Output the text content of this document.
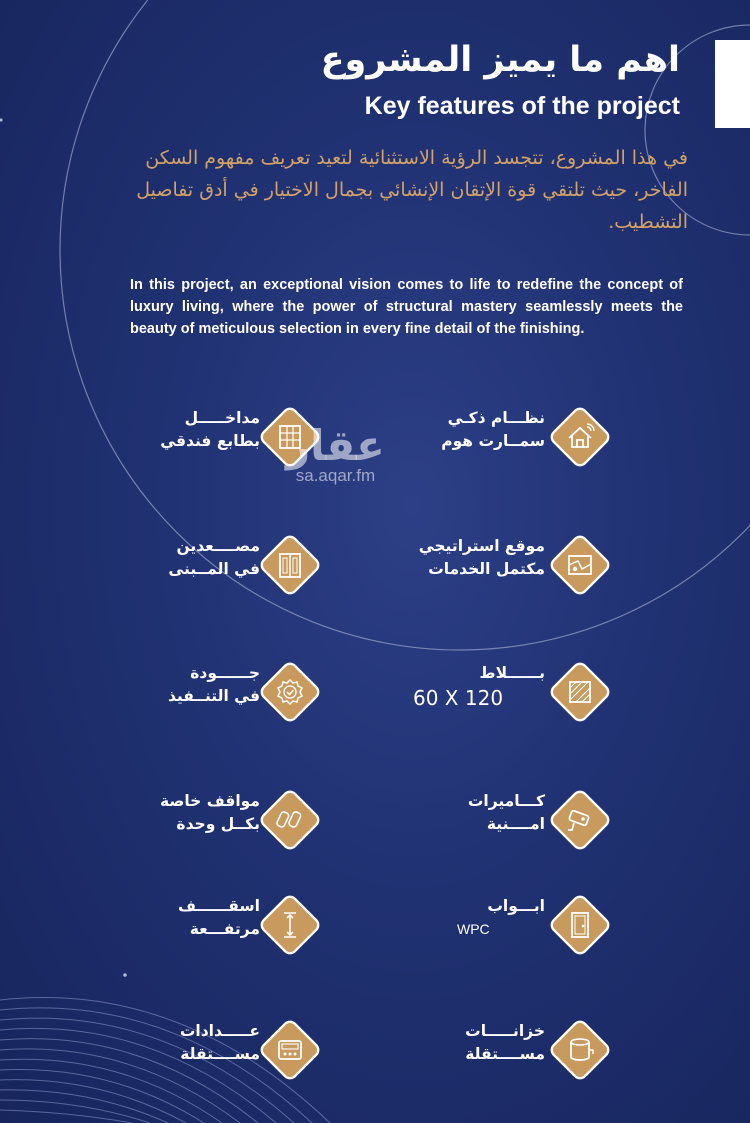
اهم ما يميز المشروع
Key features of the project
في هذا المشروع، تتجسد الرؤية الاستثنائية لتعيد تعريف مفهوم السكن الفاخر، حيث تلتقي قوة الإتقان الإنشائي بجمال الاختيار في أدق تفاصيل التشطيب.
In this project, an exceptional vision comes to life to redefine the concept of luxury living, where the power of structural mastery seamlessly meets the beauty of meticulous selection in every fine detail of the finishing.
نظـــام ذكـي
سمــارت هوم
موقع استراتيجي
مكتمل الخدمات
بــــــلاط
60 X 120
كـــاميرات
امــــنية
ابـــواب
WPC
خزانـــــات
مســــتقلة
مداخـــــل
بطابع فندقي
مصــــعدين
في المــبنى
جــــــودة
في التنــفيذ
مواقف خاصة
بكــل وحدة
اسقــــــف
مرتفـــعة
عـــــدادات
مســــتقلة
عقار
sa.aqar.fm
